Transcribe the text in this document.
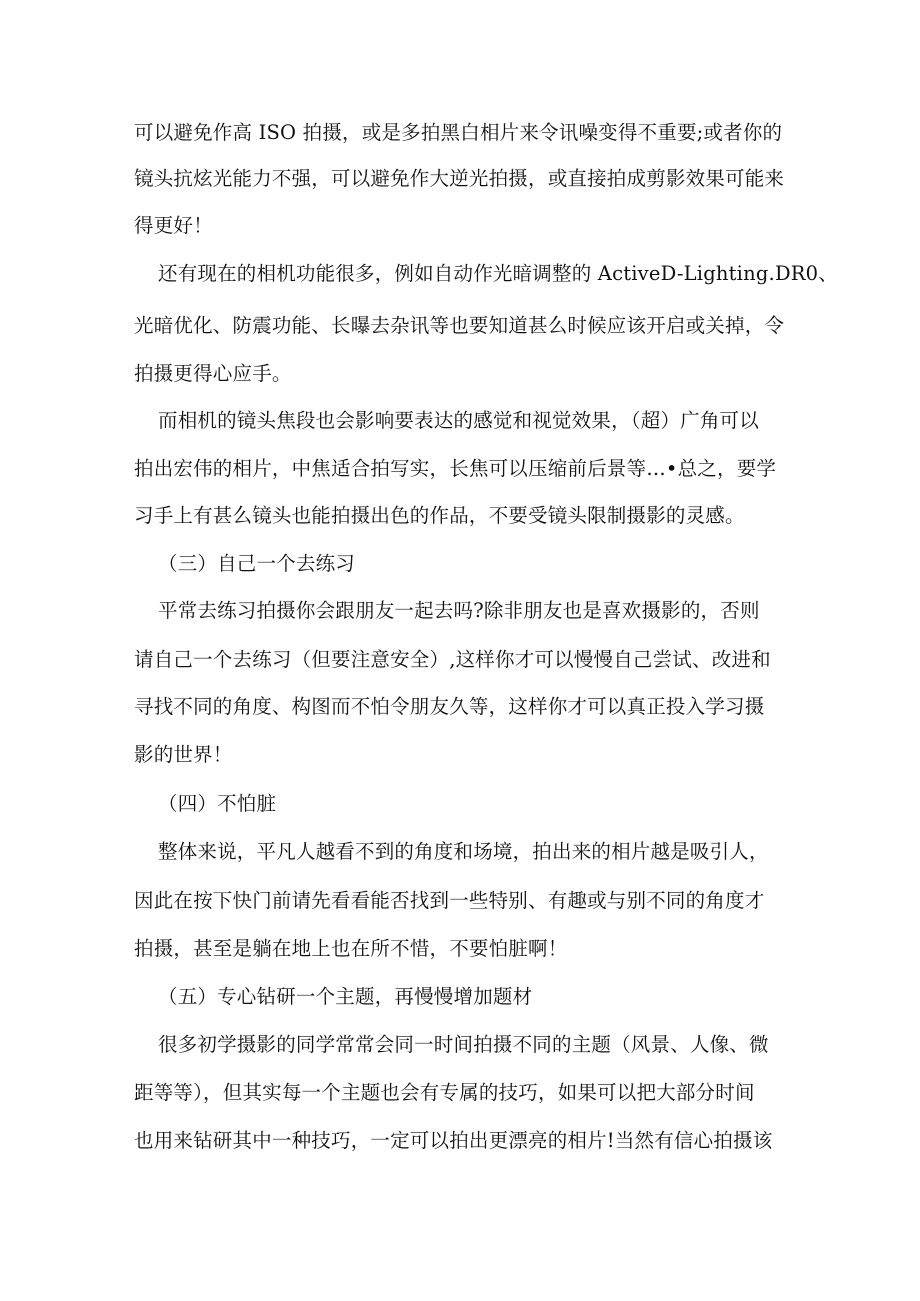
可以避免作高 ISO 拍摄，或是多拍黑白相片来令讯噪变得不重要;或者你的
镜头抗炫光能力不强，可以避免作大逆光拍摄，或直接拍成剪影效果可能来
得更好！
还有现在的相机功能很多，例如自动作光暗调整的 ActiveD-Lighting.DR0、
光暗优化、防震功能、长曝去杂讯等也要知道甚么时候应该开启或关掉，令
拍摄更得心应手。
而相机的镜头焦段也会影响要表达的感觉和视觉效果，（超）广角可以
拍出宏伟的相片，中焦适合拍写实，长焦可以压缩前后景等…•总之，要学
习手上有甚么镜头也能拍摄出色的作品，不要受镜头限制摄影的灵感。
（三）自己一个去练习
平常去练习拍摄你会跟朋友一起去吗?除非朋友也是喜欢摄影的，否则
请自己一个去练习（但要注意安全）,这样你才可以慢慢自己尝试、改进和
寻找不同的角度、构图而不怕令朋友久等，这样你才可以真正投入学习摄
影的世界！
（四）不怕脏
整体来说，平凡人越看不到的角度和场境，拍出来的相片越是吸引人，
因此在按下快门前请先看看能否找到一些特别、有趣或与别不同的角度才
拍摄，甚至是躺在地上也在所不惜，不要怕脏啊！
（五）专心钻研一个主题，再慢慢增加题材
很多初学摄影的同学常常会同一时间拍摄不同的主题（风景、人像、微
距等等），但其实每一个主题也会有专属的技巧，如果可以把大部分时间
也用来钻研其中一种技巧，一定可以拍出更漂亮的相片!当然有信心拍摄该
